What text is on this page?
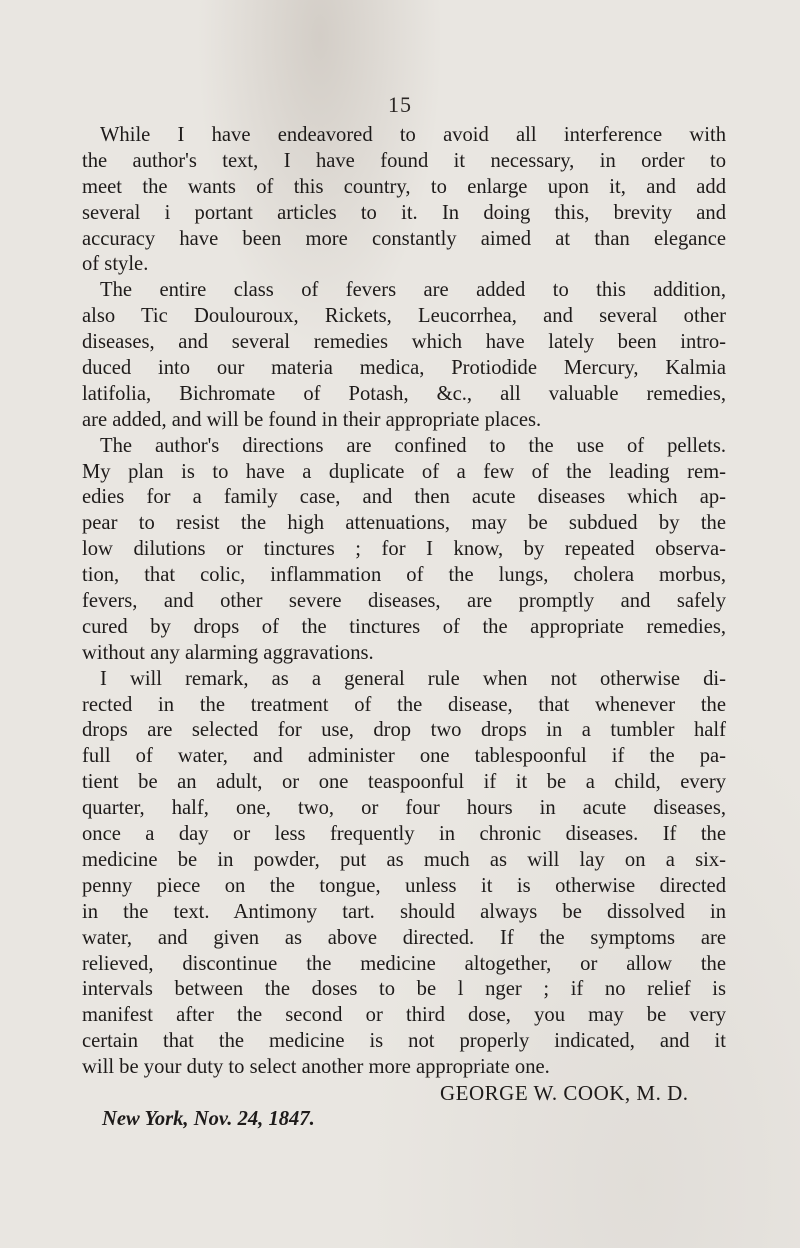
15
While I have endeavored to avoid all interference with
the author's text, I have found it necessary, in order to
meet the wants of this country, to enlarge upon it, and add
several i portant articles to it. In doing this, brevity and
accuracy have been more constantly aimed at than elegance
of style.
The entire class of fevers are added to this addition,
also Tic Doulouroux, Rickets, Leucorrhea, and several other
diseases, and several remedies which have lately been intro-
duced into our materia medica, Protiodide Mercury, Kalmia
latifolia, Bichromate of Potash, &c., all valuable remedies,
are added, and will be found in their appropriate places.
The author's directions are confined to the use of pellets.
My plan is to have a duplicate of a few of the leading rem-
edies for a family case, and then acute diseases which ap-
pear to resist the high attenuations, may be subdued by the
low dilutions or tinctures ; for I know, by repeated observa-
tion, that colic, inflammation of the lungs, cholera morbus,
fevers, and other severe diseases, are promptly and safely
cured by drops of the tinctures of the appropriate remedies,
without any alarming aggravations.
I will remark, as a general rule when not otherwise di-
rected in the treatment of the disease, that whenever the
drops are selected for use, drop two drops in a tumbler half
full of water, and administer one tablespoonful if the pa-
tient be an adult, or one teaspoonful if it be a child, every
quarter, half, one, two, or four hours in acute diseases,
once a day or less frequently in chronic diseases. If the
medicine be in powder, put as much as will lay on a six-
penny piece on the tongue, unless it is otherwise directed
in the text. Antimony tart. should always be dissolved in
water, and given as above directed. If the symptoms are
relieved, discontinue the medicine altogether, or allow the
intervals between the doses to be l nger ; if no relief is
manifest after the second or third dose, you may be very
certain that the medicine is not properly indicated, and it
will be your duty to select another more appropriate one.
GEORGE W. COOK, M. D.
New York, Nov. 24, 1847.
